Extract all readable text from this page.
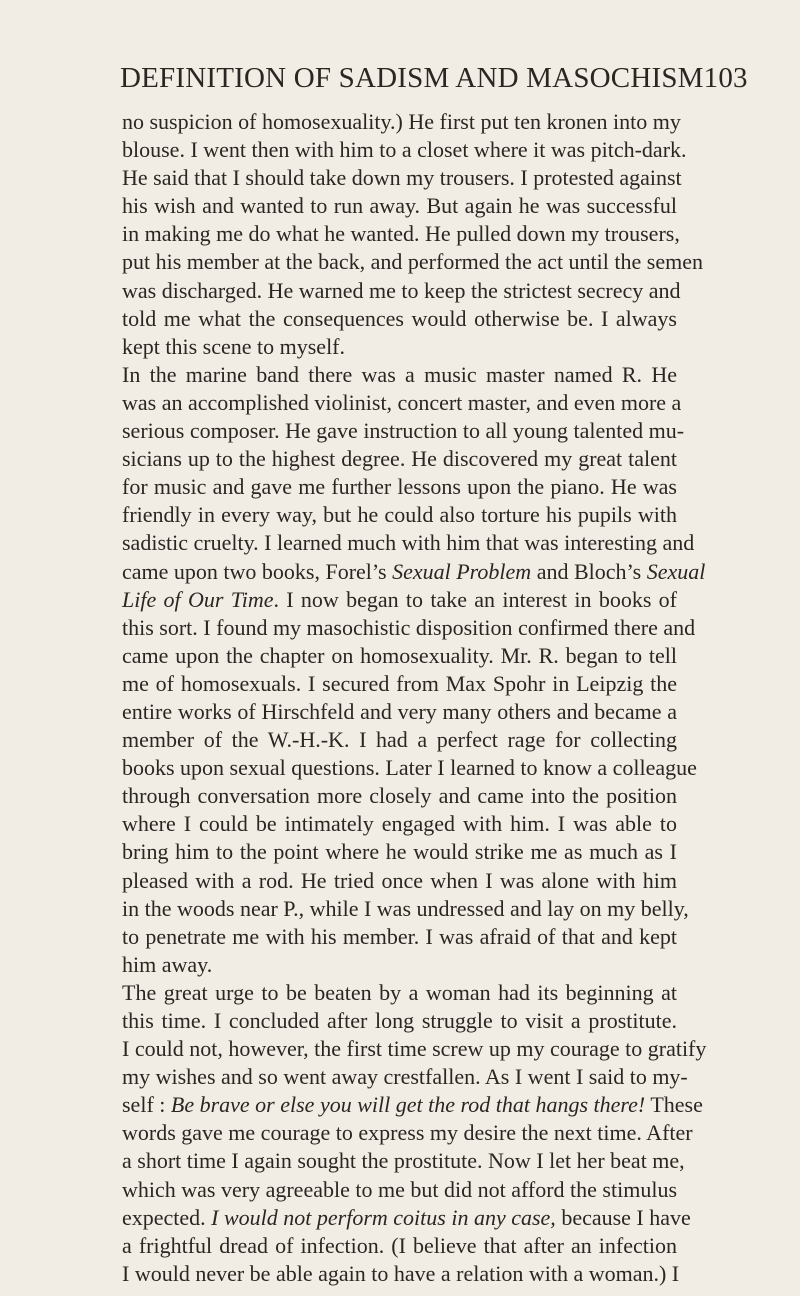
DEFINITION OF SADISM AND MASOCHISM 103
no suspicion of homosexuality.) He first put ten kronen into my
blouse. I went then with him to a closet where it was pitch-dark.
He said that I should take down my trousers. I protested against
his wish and wanted to run away. But again he was successful
in making me do what he wanted. He pulled down my trousers,
put his member at the back, and performed the act until the semen
was discharged. He warned me to keep the strictest secrecy and
told me what the consequences would otherwise be. I always
kept this scene to myself.
In the marine band there was a music master named R. He
was an accomplished violinist, concert master, and even more a
serious composer. He gave instruction to all young talented mu-
sicians up to the highest degree. He discovered my great talent
for music and gave me further lessons upon the piano. He was
friendly in every way, but he could also torture his pupils with
sadistic cruelty. I learned much with him that was interesting and
came upon two books, Forel’s Sexual Problem and Bloch’s Sexual
Life of Our Time. I now began to take an interest in books of
this sort. I found my masochistic disposition confirmed there and
came upon the chapter on homosexuality. Mr. R. began to tell
me of homosexuals. I secured from Max Spohr in Leipzig the
entire works of Hirschfeld and very many others and became a
member of the W.-H.-K. I had a perfect rage for collecting
books upon sexual questions. Later I learned to know a colleague
through conversation more closely and came into the position
where I could be intimately engaged with him. I was able to
bring him to the point where he would strike me as much as I
pleased with a rod. He tried once when I was alone with him
in the woods near P., while I was undressed and lay on my belly,
to penetrate me with his member. I was afraid of that and kept
him away.
The great urge to be beaten by a woman had its beginning at
this time. I concluded after long struggle to visit a prostitute.
I could not, however, the first time screw up my courage to gratify
my wishes and so went away crestfallen. As I went I said to my-
self : Be brave or else you will get the rod that hangs there! These
words gave me courage to express my desire the next time. After
a short time I again sought the prostitute. Now I let her beat me,
which was very agreeable to me but did not afford the stimulus
expected. I would not perform coitus in any case, because I have
a frightful dread of infection. (I believe that after an infection
I would never be able again to have a relation with a woman.) I
